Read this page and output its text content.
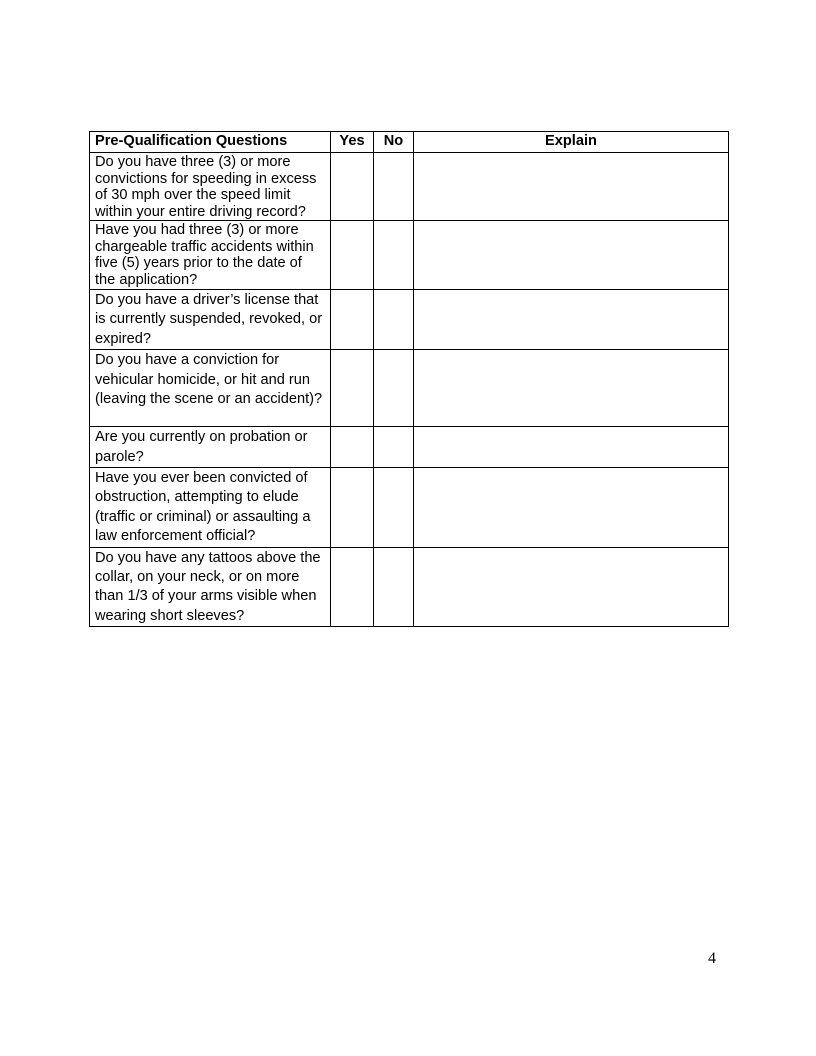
Pre-Qualification Questions	Yes	No	Explain
Do you have three (3) or more convictions for speeding in excess of 30 mph over the speed limit within your entire driving record?			
Have you had three (3) or more chargeable traffic accidents within five (5) years prior to the date of the application?			
Do you have a driver’s license that is currently suspended, revoked, or expired?			
Do you have a conviction for vehicular homicide, or hit and run (leaving the scene or an accident)?			
Are you currently on probation or parole?			
Have you ever been convicted of obstruction, attempting to elude (traffic or criminal) or assaulting a law enforcement official?			
Do you have any tattoos above the collar, on your neck, or on more than 1/3 of your arms visible when wearing short sleeves?			
4
